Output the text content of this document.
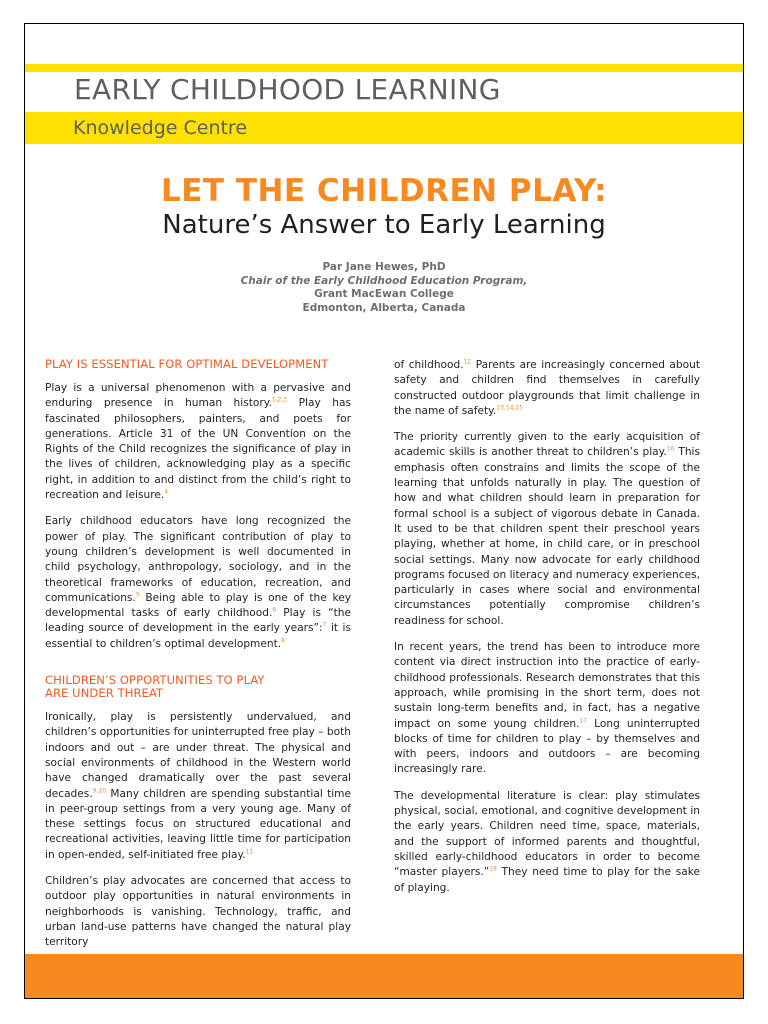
EARLY CHILDHOOD LEARNING
Knowledge Centre
LET THE CHILDREN PLAY:
Nature’s Answer to Early Learning
Par Jane Hewes, PhD
Chair of the Early Childhood Education Program,
Grant MacEwan College
Edmonton, Alberta, Canada
PLAY IS ESSENTIAL FOR OPTIMAL DEVELOPMENT

Play is a universal phenomenon with a pervasive and enduring presence in human history.$^{1,2,3}$ Play has fascinated philosophers, painters, and poets for generations. Article 31 of the UN Convention on the Rights of the Child recognizes the significance of play in the lives of children, acknowledging play as a specific right, in addition to and distinct from the child’s right to recreation and leisure.$^4$

Early childhood educators have long recognized the power of play. The significant contribution of play to young children’s development is well documented in child psychology, anthropology, sociology, and in the theoretical frameworks of education, recreation, and communications.$^5$ Being able to play is one of the key developmental tasks of early childhood.$^6$ Play is “the leading source of development in the early years”:$^7$ it is essential to children’s optimal development.$^8$

CHILDREN’S OPPORTUNITIES TO PLAY
ARE UNDER THREAT

Ironically, play is persistently undervalued, and children’s opportunities for uninterrupted free play – both indoors and out – are under threat. The physical and social environments of childhood in the Western world have changed dramatically over the past several decades.$^{9,10}$ Many children are spending substantial time in peer-group settings from a very young age. Many of these settings focus on structured educational and recreational activities, leaving little time for participation in open-ended, self-initiated free play.$^{11}$

Children’s play advocates are concerned that access to outdoor play opportunities in natural environments in neighborhoods is vanishing. Technology, traffic, and urban land-use patterns have changed the natural play territory

of childhood.$^{12}$ Parents are increasingly concerned about safety and children find themselves in carefully constructed outdoor playgrounds that limit challenge in the name of safety.$^{13,14,15}$

The priority currently given to the early acquisition of academic skills is another threat to children’s play.$^{16}$ This emphasis often constrains and limits the scope of the learning that unfolds naturally in play. The question of how and what children should learn in preparation for formal school is a subject of vigorous debate in Canada. It used to be that children spent their preschool years playing, whether at home, in child care, or in preschool social settings. Many now advocate for early childhood programs focused on literacy and numeracy experiences, particularly in cases where social and environmental circumstances potentially compromise children’s readiness for school.

In recent years, the trend has been to introduce more content via direct instruction into the practice of early-childhood professionals. Research demonstrates that this approach, while promising in the short term, does not sustain long-term benefits and, in fact, has a negative impact on some young children.$^{17}$ Long uninterrupted blocks of time for children to play – by themselves and with peers, indoors and outdoors – are becoming increasingly rare.

The developmental literature is clear: play stimulates physical, social, emotional, and cognitive development in the early years. Children need time, space, materials, and the support of informed parents and thoughtful, skilled early-childhood educators in order to become “master players.”$^{18}$ They need time to play for the sake of playing.
